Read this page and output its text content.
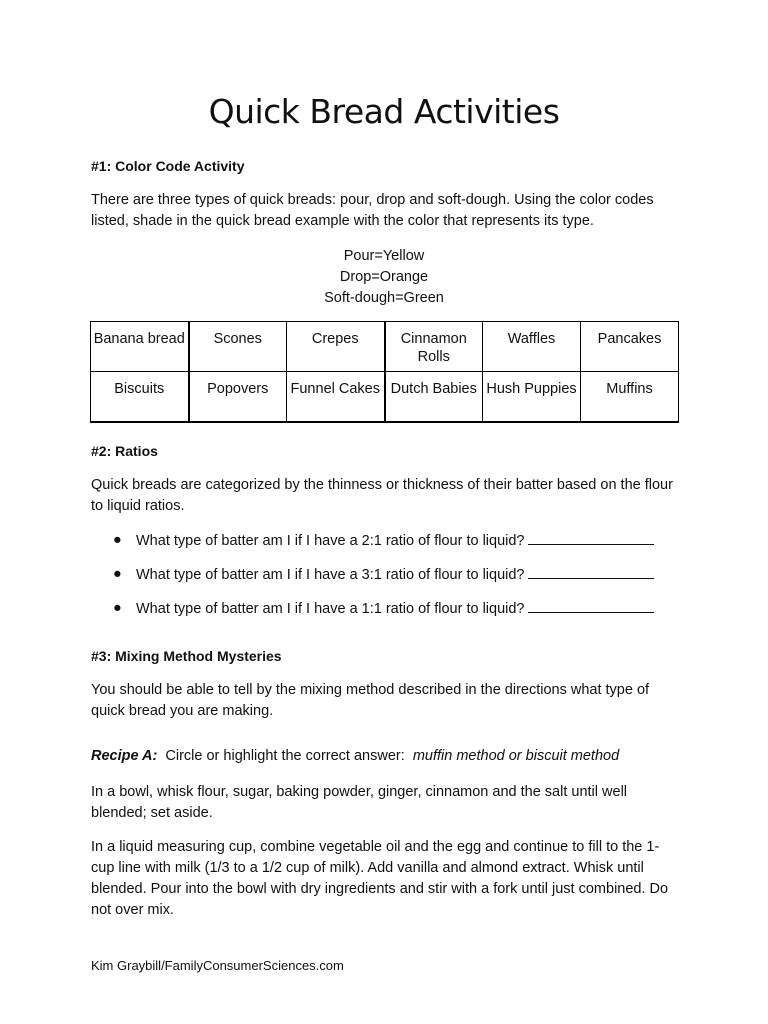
Quick Bread Activities
#1: Color Code Activity
There are three types of quick breads: pour, drop and soft-dough. Using the color codes listed, shade in the quick bread example with the color that represents its type.
Pour=Yellow
Drop=Orange
Soft-dough=Green
Banana bread	Scones	Crepes	Cinnamon Rolls	Waffles	Pancakes
Biscuits	Popovers	Funnel Cakes	Dutch Babies	Hush Puppies	Muffins
#2: Ratios
Quick breads are categorized by the thinness or thickness of their batter based on the flour to liquid ratios.
● What type of batter am I if I have a 2:1 ratio of flour to liquid?
● What type of batter am I if I have a 3:1 ratio of flour to liquid?
● What type of batter am I if I have a 1:1 ratio of flour to liquid?
#3: Mixing Method Mysteries
You should be able to tell by the mixing method described in the directions what type of quick bread you are making.
Recipe A: Circle or highlight the correct answer: muffin method or biscuit method
In a bowl, whisk flour, sugar, baking powder, ginger, cinnamon and the salt until well blended; set aside.
In a liquid measuring cup, combine vegetable oil and the egg and continue to fill to the 1-cup line with milk (1/3 to a 1/2 cup of milk). Add vanilla and almond extract. Whisk until blended. Pour into the bowl with dry ingredients and stir with a fork until just combined. Do not over mix.
Kim Graybill/FamilyConsumerSciences.com
